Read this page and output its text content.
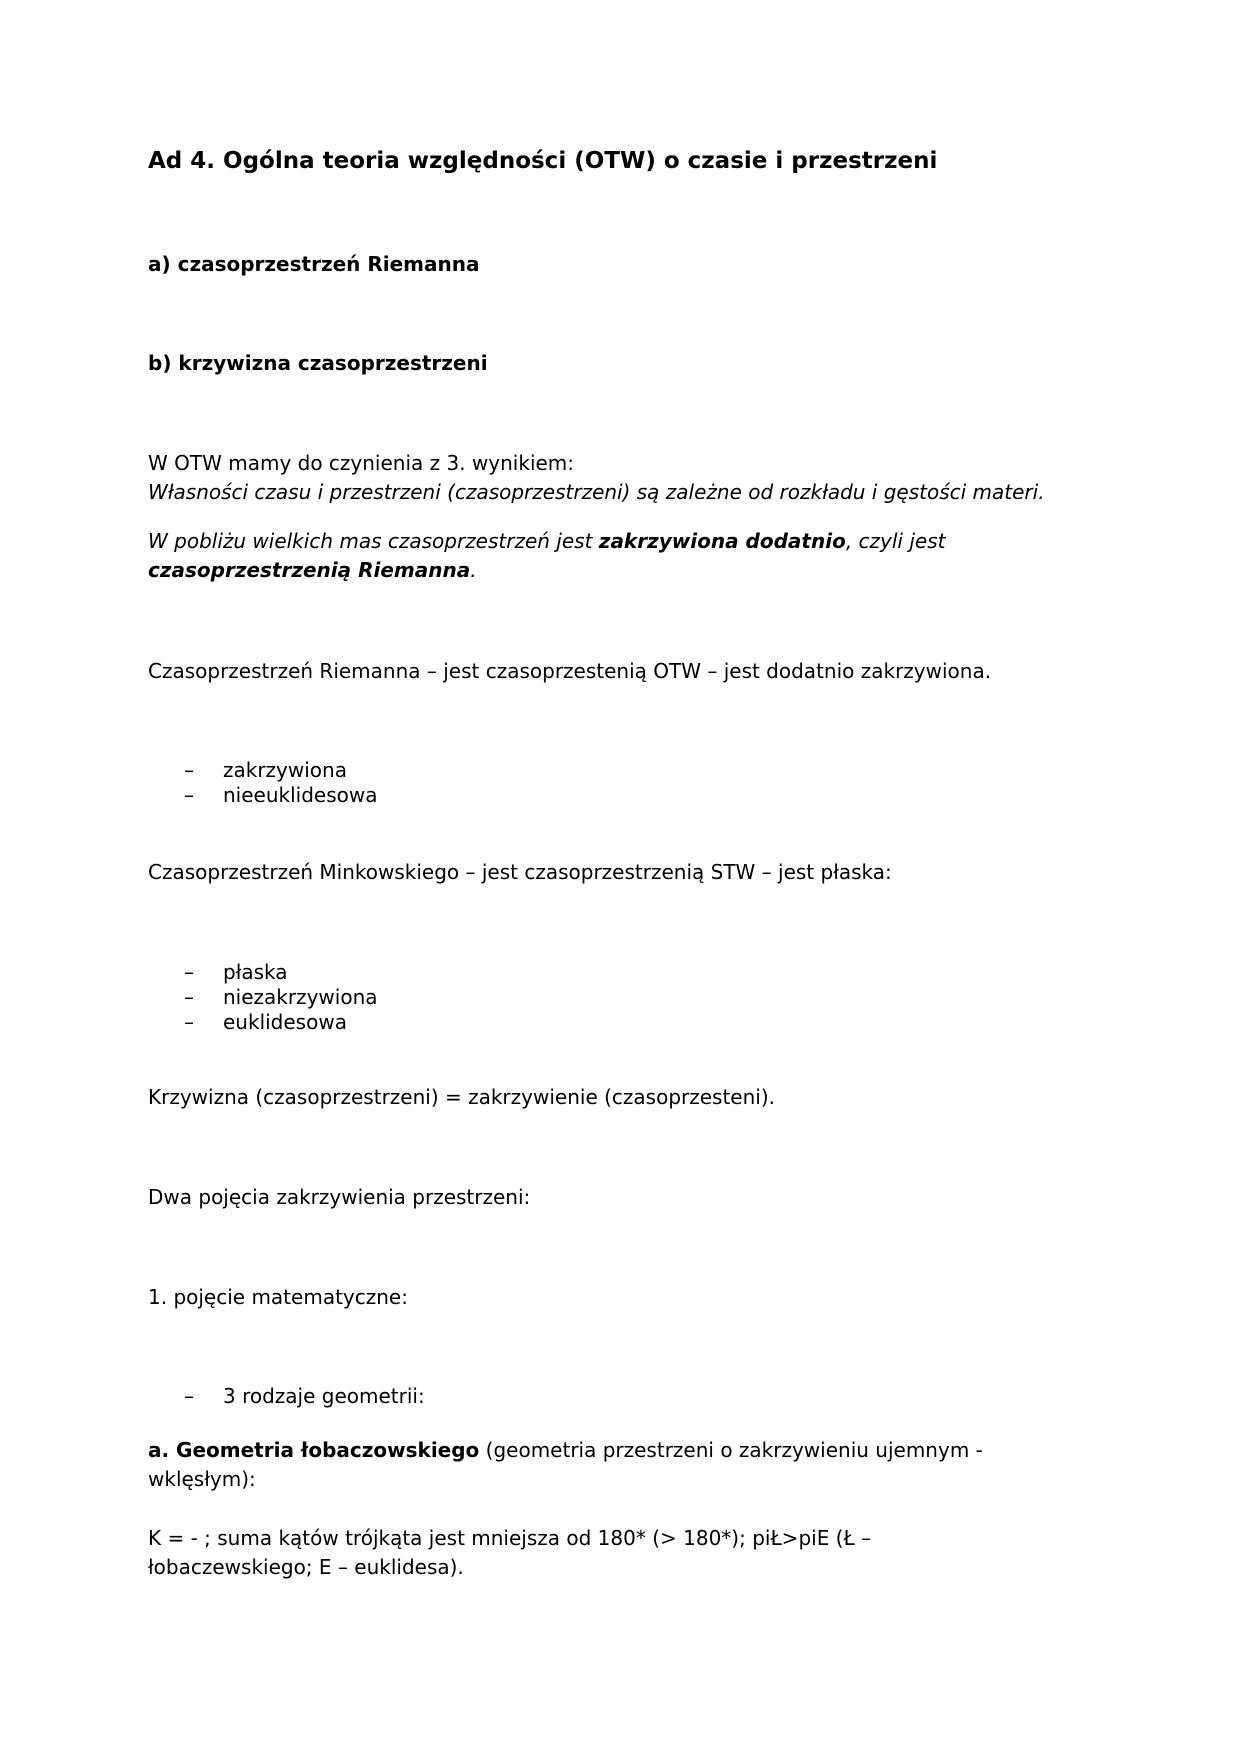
Ad 4. Ogólna teoria względności (OTW) o czasie i przestrzeni
a) czasoprzestrzeń Riemanna
b) krzywizna czasoprzestrzeni
W OTW mamy do czynienia z 3. wynikiem:
Własności czasu i przestrzeni (czasoprzestrzeni) są zależne od rozkładu i gęstości materi.
W pobliżu wielkich mas czasoprzestrzeń jest zakrzywiona dodatnio, czyli jest
czasoprzestrzenią Riemanna.
Czasoprzestrzeń Riemanna – jest czasoprzestenią OTW – jest dodatnio zakrzywiona.
– zakrzywiona
– nieeuklidesowa
Czasoprzestrzeń Minkowskiego – jest czasoprzestrzenią STW – jest płaska:
– płaska
– niezakrzywiona
– euklidesowa
Krzywizna (czasoprzestrzeni) = zakrzywienie (czasoprzesteni).
Dwa pojęcia zakrzywienia przestrzeni:
1. pojęcie matematyczne:
– 3 rodzaje geometrii:
a. Geometria łobaczowskiego (geometria przestrzeni o zakrzywieniu ujemnym -
wklęsłym):
K = - ; suma kątów trójkąta jest mniejsza od 180* (> 180*); piŁ>piE (Ł –
łobaczewskiego; E – euklidesa).
